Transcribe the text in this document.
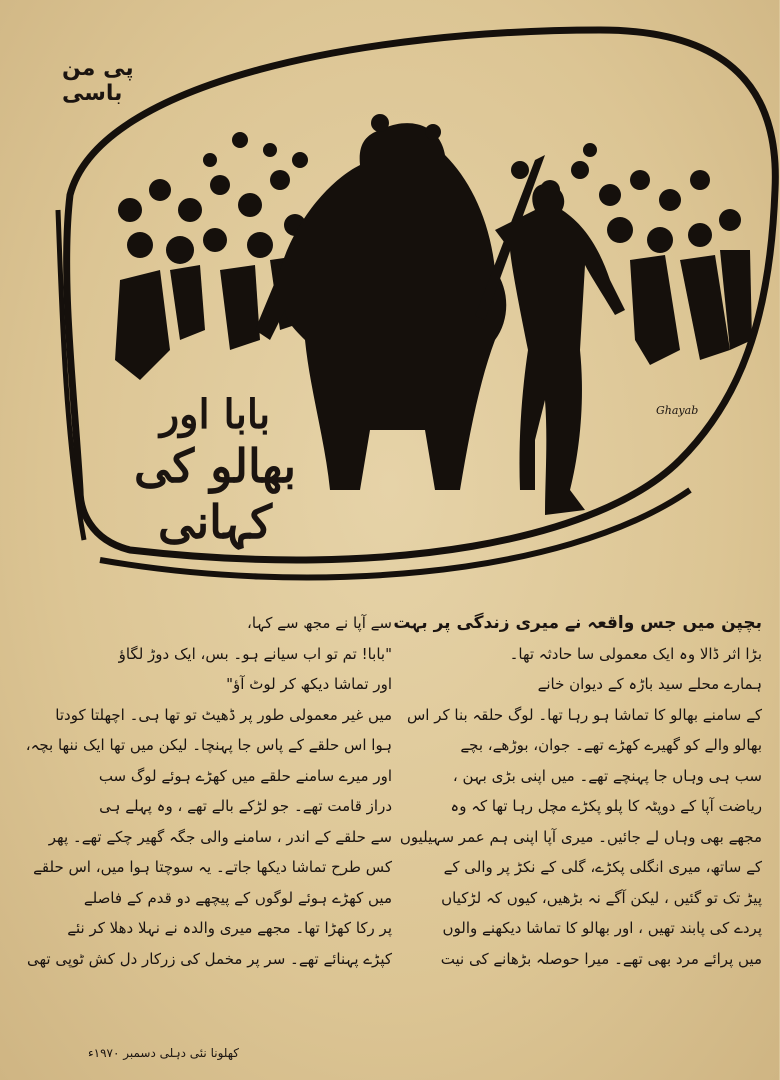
پی من باسی
بابا اور
بھالو کی کہانی
Ghayab
بچپن میں جس واقعہ نے میری زندگی پر بہت
بڑا اثر ڈالا وہ ایک معمولی سا حادثہ تھا۔
ہمارے محلے سید باڑہ کے دیوان خانے
کے سامنے بھالو کا تماشا ہو رہا تھا۔ لوگ حلقہ بنا کر اس
بھالو والے کو گھیرے کھڑے تھے۔ جوان، بوڑھے، بچے
سب ہی وہاں جا پہنچے تھے۔ میں اپنی بڑی بہن ،
ریاضت آپا کے دوپٹہ کا پلو پکڑے مچل رہا تھا کہ وہ
مجھے بھی وہاں لے جائیں۔ میری آپا اپنی ہم عمر سہیلیوں
کے ساتھ، میری انگلی پکڑے، گلی کے نکڑ پر والی کے
پیڑ تک تو گئیں ، لیکن آگے نہ بڑھیں، کیوں کہ لڑکیاں
پردے کی پابند تھیں ، اور بھالو کا تماشا دیکھنے والوں
میں پرائے مرد بھی تھے۔ میرا حوصلہ بڑھانے کی نیت
سے آپا نے مجھ سے کہا،
"بابا! تم تو اب سیانے ہو۔ بس، ایک دوڑ لگاؤ
اور تماشا دیکھ کر لوٹ آؤ"
میں غیر معمولی طور پر ڈھیٹ تو تھا ہی۔ اچھلتا کودتا
ہوا اس حلقے کے پاس جا پہنچا۔ لیکن میں تھا ایک ننھا بچہ،
اور میرے سامنے حلقے میں کھڑے ہوئے لوگ سب
دراز قامت تھے۔ جو لڑکے بالے تھے ، وہ پہلے ہی
سے حلقے کے اندر ، سامنے والی جگہ گھیر چکے تھے۔ پھر
کس طرح تماشا دیکھا جاتے۔ یہ سوچتا ہوا میں، اس حلقے
میں کھڑے ہوئے لوگوں کے پیچھے دو قدم کے فاصلے
پر رکا کھڑا تھا۔ مجھے میری والدہ نے نہلا دھلا کر نئے
کپڑے پہنائے تھے۔ سر پر مخمل کی زرکار دل کش ٹوپی تھی
کھلونا نئی دہلی دسمبر ۱۹۷۰ء
